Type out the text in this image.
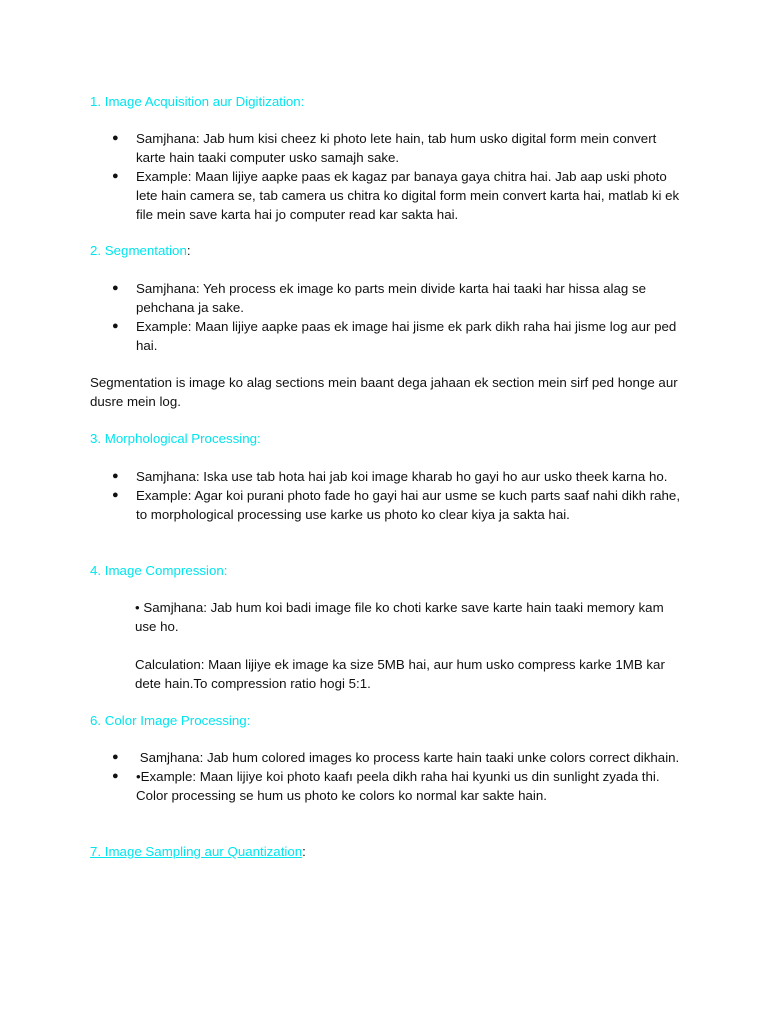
1. Image Acquisition aur Digitization:
● Samjhana: Jab hum kisi cheez ki photo lete hain, tab hum usko digital form mein convert karte hain taaki computer usko samajh sake.
● Example: Maan lijiye aapke paas ek kagaz par banaya gaya chitra hai. Jab aap uski photo lete hain camera se, tab camera us chitra ko digital form mein convert karta hai, matlab ki ek file mein save karta hai jo computer read kar sakta hai.
2. Segmentation:
● Samjhana: Yeh process ek image ko parts mein divide karta hai taaki har hissa alag se pehchana ja sake.
● Example: Maan lijiye aapke paas ek image hai jisme ek park dikh raha hai jisme log aur ped hai.

Segmentation is image ko alag sections mein baant dega jahaan ek section mein sirf ped honge aur dusre mein log.

3. Morphological Processing:
● Samjhana: Iska use tab hota hai jab koi image kharab ho gayi ho aur usko theek karna ho.
● Example: Agar koi purani photo fade ho gayi hai aur usme se kuch parts saaf nahi dikh rahe, to morphological processing use karke us photo ko clear kiya ja sakta hai.
4. Image Compression:

• Samjhana: Jab hum koi badi image file ko choti karke save karte hain taaki memory kam use ho.

Calculation: Maan lijiye ek image ka size 5MB hai, aur hum usko compress karke 1MB kar dete hain.To compression ratio hogi 5:1.

6. Color Image Processing:
● Samjhana: Jab hum colored images ko process karte hain taaki unke colors correct dikhain.
● •Example: Maan lijiye koi photo kaafı peela dikh raha hai kyunki us din sunlight zyada thi. Color processing se hum us photo ke colors ko normal kar sakte hain.
7. Image Sampling aur Quantization:
